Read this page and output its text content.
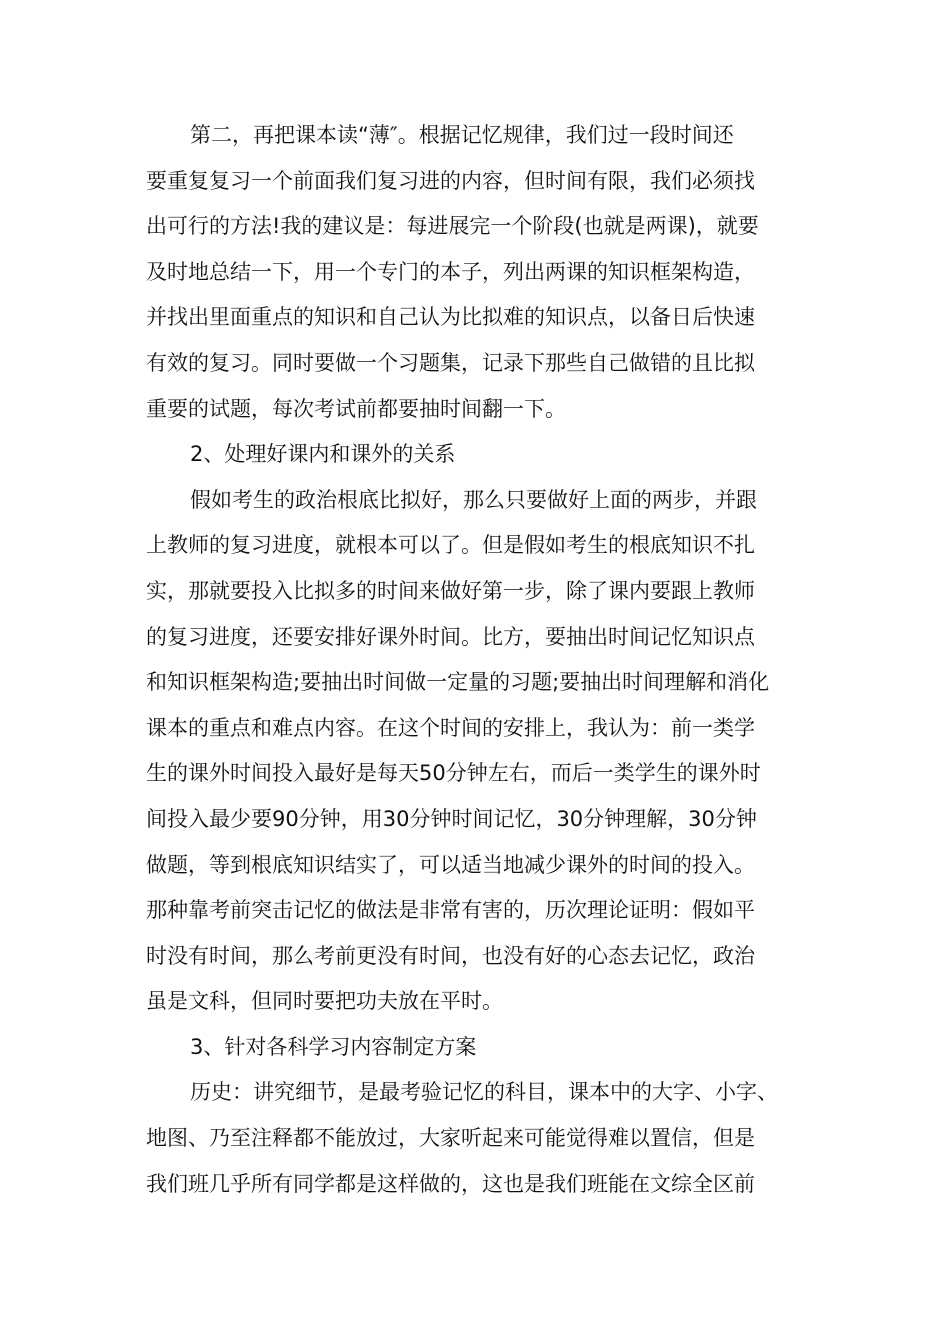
第二，再把课本读“薄″。根据记忆规律，我们过一段时间还
要重复复习一个前面我们复习进的内容，但时间有限，我们必须找
出可行的方法!我的建议是：每进展完一个阶段(也就是两课)，就要
及时地总结一下，用一个专门的本子，列出两课的知识框架构造，
并找出里面重点的知识和自己认为比拟难的知识点，以备日后快速
有效的复习。同时要做一个习题集，记录下那些自己做错的且比拟
重要的试题，每次考试前都要抽时间翻一下。
2、处理好课内和课外的关系
假如考生的政治根底比拟好，那么只要做好上面的两步，并跟
上教师的复习进度，就根本可以了。但是假如考生的根底知识不扎
实，那就要投入比拟多的时间来做好第一步，除了课内要跟上教师
的复习进度，还要安排好课外时间。比方，要抽出时间记忆知识点
和知识框架构造;要抽出时间做一定量的习题;要抽出时间理解和消化
课本的重点和难点内容。在这个时间的安排上，我认为：前一类学
生的课外时间投入最好是每天50分钟左右，而后一类学生的课外时
间投入最少要90分钟，用30分钟时间记忆，30分钟理解，30分钟
做题，等到根底知识结实了，可以适当地减少课外的时间的投入。
那种靠考前突击记忆的做法是非常有害的，历次理论证明：假如平
时没有时间，那么考前更没有时间，也没有好的心态去记忆，政治
虽是文科，但同时要把功夫放在平时。
3、针对各科学习内容制定方案
历史：讲究细节，是最考验记忆的科目，课本中的大字、小字、
地图、乃至注释都不能放过，大家听起来可能觉得难以置信，但是
我们班几乎所有同学都是这样做的，这也是我们班能在文综全区前
